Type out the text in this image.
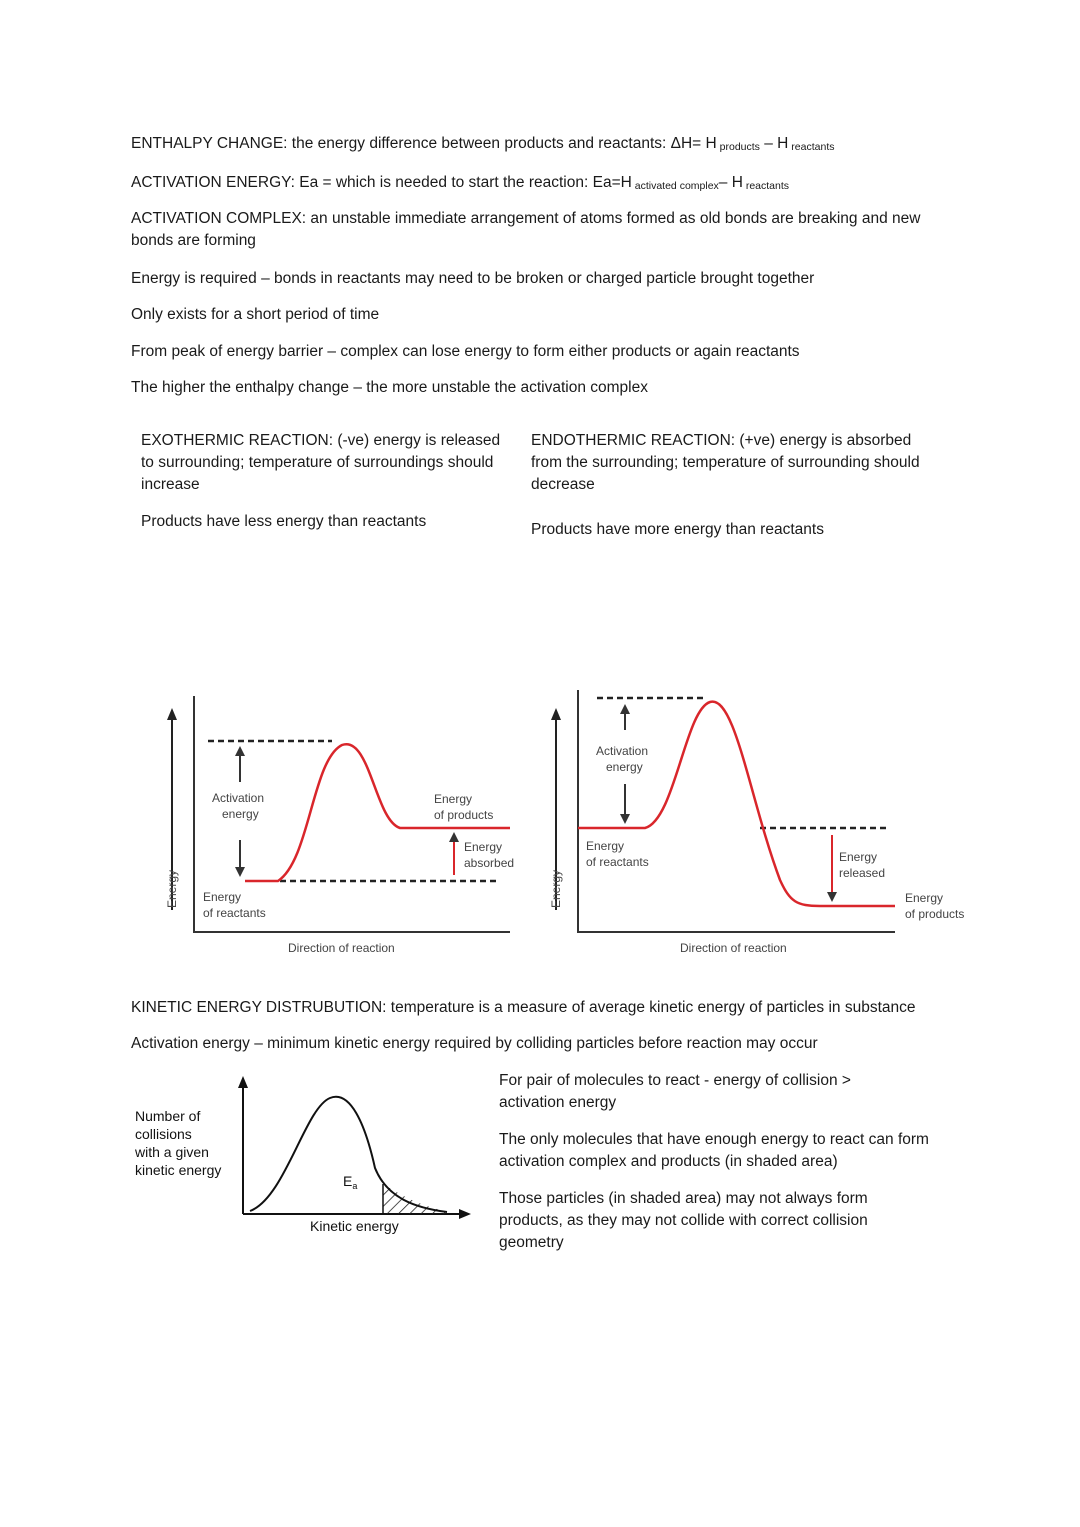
ENTHALPY CHANGE: the energy difference between products and reactants: ΔH= H products – H reactants
ACTIVATION ENERGY: Ea = which is needed to start the reaction: Ea=H activated complex– H reactants
ACTIVATION COMPLEX: an unstable immediate arrangement of atoms formed as old bonds are breaking and new bonds are forming
Energy is required – bonds in reactants may need to be broken or charged particle brought together
Only exists for a short period of time
From peak of energy barrier – complex can lose energy to form either products or again reactants
The higher the enthalpy change – the more unstable the activation complex
EXOTHERMIC REACTION: (-ve) energy is released to surrounding; temperature of surroundings should increase
Products have less energy than reactants
ENDOTHERMIC REACTION: (+ve) energy is absorbed from the surrounding; temperature of surrounding should decrease
Products have more energy than reactants
Energy
Activation
energy
Energy
of products
Energy
absorbed
Energy
of reactants
Direction of reaction
Energy
Activation
energy
Energy
of reactants	Energy
released
Energy
of products
Direction of reaction
KINETIC ENERGY DISTRUBUTION: temperature is a measure of average kinetic energy of particles in substance
Activation energy – minimum kinetic energy required by colliding particles before reaction may occur
Number of
collisions
with a given
kinetic energy
$E_a$
Kinetic energy
For pair of molecules to react - energy of collision > activation energy
The only molecules that have enough energy to react can form activation complex and products (in shaded area)
Those particles (in shaded area) may not always form products, as they may not collide with correct collision geometry
